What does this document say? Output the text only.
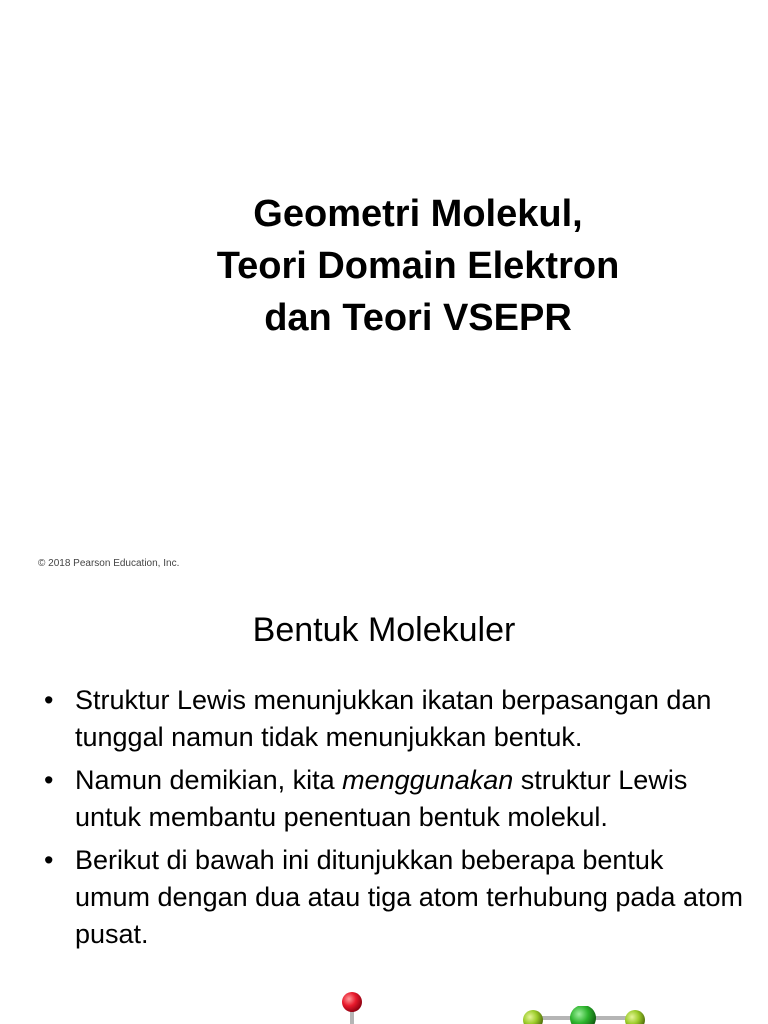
Geometri Molekul,
Teori Domain Elektron
dan Teori VSEPR
© 2018 Pearson Education, Inc.
Bentuk Molekuler
• Struktur Lewis menunjukkan ikatan berpasangan dan tunggal namun tidak menunjukkan bentuk.
• Namun demikian, kita menggunakan struktur Lewis untuk membantu penentuan bentuk molekul.
• Berikut di bawah ini ditunjukkan beberapa bentuk umum dengan dua atau tiga atom terhubung pada atom pusat.
